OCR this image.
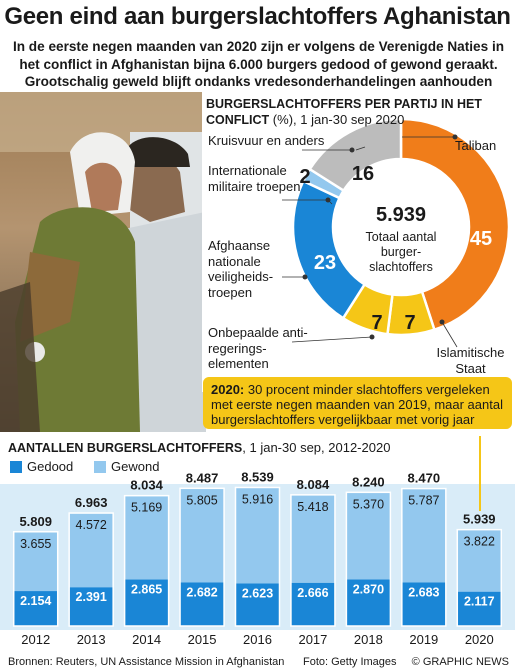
Geen eind aan burgerslachtoffers Aghanistan
In de eerste negen maanden van 2020 zijn er volgens de Verenigde Naties in het conflict in Afghanistan bijna 6.000 burgers gedood of gewond geraakt. Grootschalig geweld blijft ondanks vredesonderhandelingen aanhouden
BURGERSLACHTOFFERS PER PARTIJ IN HET CONFLICT (%), 1 jan-30 sep 2020
Kruisvuur en anders
Internationale militaire troepen
Afghaanse nationale veiligheids-troepen
Onbepaalde anti-regerings-elementen
Taliban
Islamitische Staat
5.939
Totaal aantal burger-slachtoffers
45
7
7
23
2	16
2020: 30 procent minder slachtoffers vergeleken met eerste negen maanden van 2019, maar aantal burgerslachtoffers vergelijkbaar met vorig jaar
2.154
3.655
5.809
2012
2.391
4.572
6.963
2013
2.865
5.169
8.034
2014
2.682
5.805
8.487
2015
2.623
5.916
8.539
2016
2.666
5.418
8.084
2017
2.870
5.370
8.240
2018
2.683
5.787
8.470
2019
2.117
3.822
5.939
2020
AANTALLEN BURGERSLACHTOFFERS, 1 jan-30 sep, 2012-2020
Gedood	Gewond
Bronnen: Reuters, UN Assistance Mission in Afghanistan Foto: Getty Images © GRAPHIC NEWS
